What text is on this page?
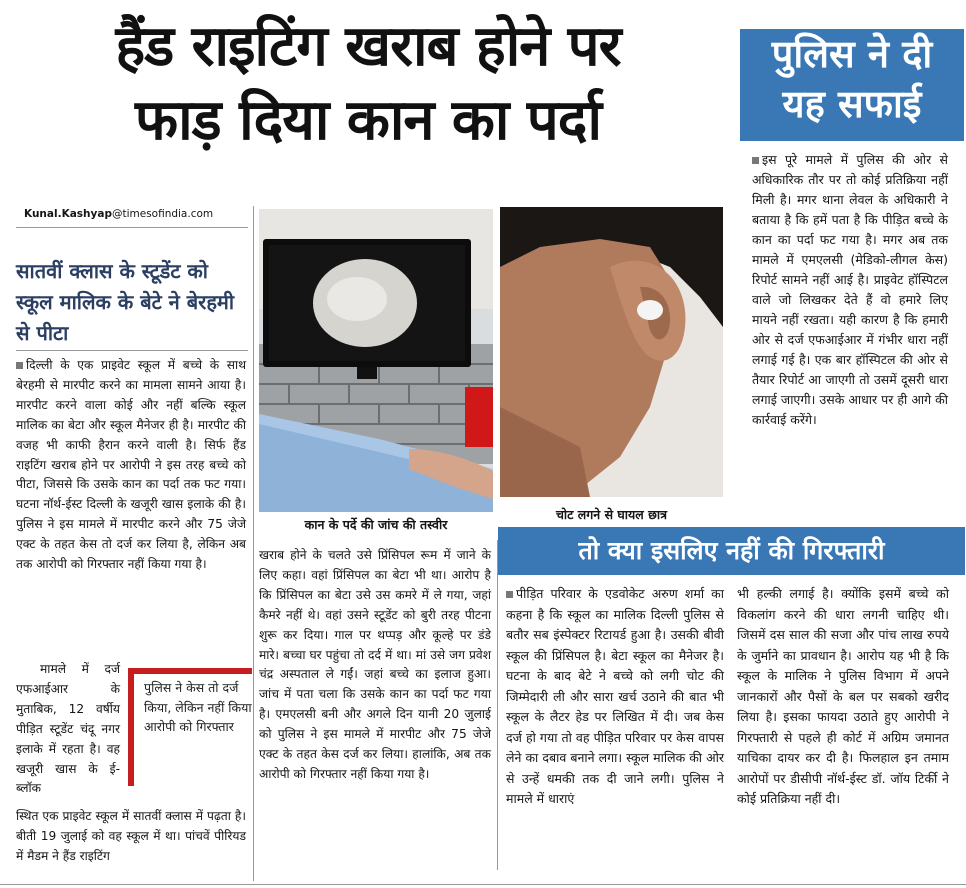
हैंड राइटिंग खराब होने पर
फाड़ दिया कान का पर्दा
Kunal.Kashyap@timesofindia.com
सातवीं क्लास के स्टूडेंट को स्कूल मालिक के बेटे ने बेरहमी से पीटा
दिल्ली के एक प्राइवेट स्कूल में बच्चे के साथ बेरहमी से मारपीट करने का मामला सामने आया है। मारपीट करने वाला कोई और नहीं बल्कि स्कूल मालिक का बेटा और स्कूल मैनेजर ही है। मारपीट की वजह भी काफी हैरान करने वाली है। सिर्फ हैंड राइटिंग खराब होने पर आरोपी ने इस तरह बच्चे को पीटा, जिससे कि उसके कान का पर्दा तक फट गया। घटना नॉर्थ-ईस्ट दिल्ली के खजूरी खास इलाके की है। पुलिस ने इस मामले में मारपीट करने और 75 जेजे एक्ट के तहत केस तो दर्ज कर लिया है, लेकिन अब तक आरोपी को गिरफ्तार नहीं किया गया है।
मामले में दर्ज एफआईआर के मुताबिक, 12 वर्षीय पीड़ित स्टूडेंट चंदू नगर इलाके में रहता है। वह खजूरी खास के ई-ब्लॉक
पुलिस ने केस तो दर्ज किया, लेकिन नहीं किया आरोपी को गिरफ्तार
स्थित एक प्राइवेट स्कूल में सातवीं क्लास में पढ़ता है। बीती 19 जुलाई को वह स्कूल में था। पांचवें पीरियड में मैडम ने हैंड राइटिंग
कान के पर्दे की जांच की तस्वीर
चोट लगने से घायल छात्र
खराब होने के चलते उसे प्रिंसिपल रूम में जाने के लिए कहा। वहां प्रिंसिपल का बेटा भी था। आरोप है कि प्रिंसिपल का बेटा उसे उस कमरे में ले गया, जहां कैमरे नहीं थे। वहां उसने स्टूडेंट को बुरी तरह पीटना शुरू कर दिया। गाल पर थप्पड़ और कूल्हे पर डंडे मारे। बच्चा घर पहुंचा तो दर्द में था। मां उसे जग प्रवेश चंद्र अस्पताल ले गईं। जहां बच्चे का इलाज हुआ। जांच में पता चला कि उसके कान का पर्दा फट गया है। एमएलसी बनी और अगले दिन यानी 20 जुलाई को पुलिस ने इस मामले में मारपीट और 75 जेजे एक्ट के तहत केस दर्ज कर लिया। हालांकि, अब तक आरोपी को गिरफ्तार नहीं किया गया है।
पुलिस ने दी
यह सफाई
इस पूरे मामले में पुलिस की ओर से अधिकारिक तौर पर तो कोई प्रतिक्रिया नहीं मिली है। मगर थाना लेवल के अधिकारी ने बताया है कि हमें पता है कि पीड़ित बच्चे के कान का पर्दा फट गया है। मगर अब तक मामले में एमएलसी (मेडिको-लीगल केस) रिपोर्ट सामने नहीं आई है। प्राइवेट हॉस्पिटल वाले जो लिखकर देते हैं वो हमारे लिए मायने नहीं रखता। यही कारण है कि हमारी ओर से दर्ज एफआईआर में गंभीर धारा नहीं लगाई गई है। एक बार हॉस्पिटल की ओर से तैयार रिपोर्ट आ जाएगी तो उसमें दूसरी धारा लगाई जाएगी। उसके आधार पर ही आगे की कार्रवाई करेंगे।
तो क्या इसलिए नहीं की गिरफ्तारी
पीड़ित परिवार के एडवोकेट अरुण शर्मा का कहना है कि स्कूल का मालिक दिल्ली पुलिस से बतौर सब इंस्पेक्टर रिटायर्ड हुआ है। उसकी बीवी स्कूल की प्रिंसिपल है। बेटा स्कूल का मैनेजर है। घटना के बाद बेटे ने बच्चे को लगी चोट की जिम्मेदारी ली और सारा खर्च उठाने की बात भी स्कूल के लैटर हेड पर लिखित में दी। जब केस दर्ज हो गया तो वह पीड़ित परिवार पर केस वापस लेने का दबाव बनाने लगा। स्कूल मालिक की ओर से उन्हें धमकी तक दी जाने लगी। पुलिस ने मामले में धाराएं
भी हल्की लगाई है। क्योंकि इसमें बच्चे को विकलांग करने की धारा लगनी चाहिए थी। जिसमें दस साल की सजा और पांच लाख रुपये के जुर्माने का प्रावधान है। आरोप यह भी है कि स्कूल के मालिक ने पुलिस विभाग में अपने जानकारों और पैसों के बल पर सबको खरीद लिया है। इसका फायदा उठाते हुए आरोपी ने गिरफ्तारी से पहले ही कोर्ट में अग्रिम जमानत याचिका दायर कर दी है। फिलहाल इन तमाम आरोपों पर डीसीपी नॉर्थ-ईस्ट डॉ. जॉय टिर्की ने कोई प्रतिक्रिया नहीं दी।
